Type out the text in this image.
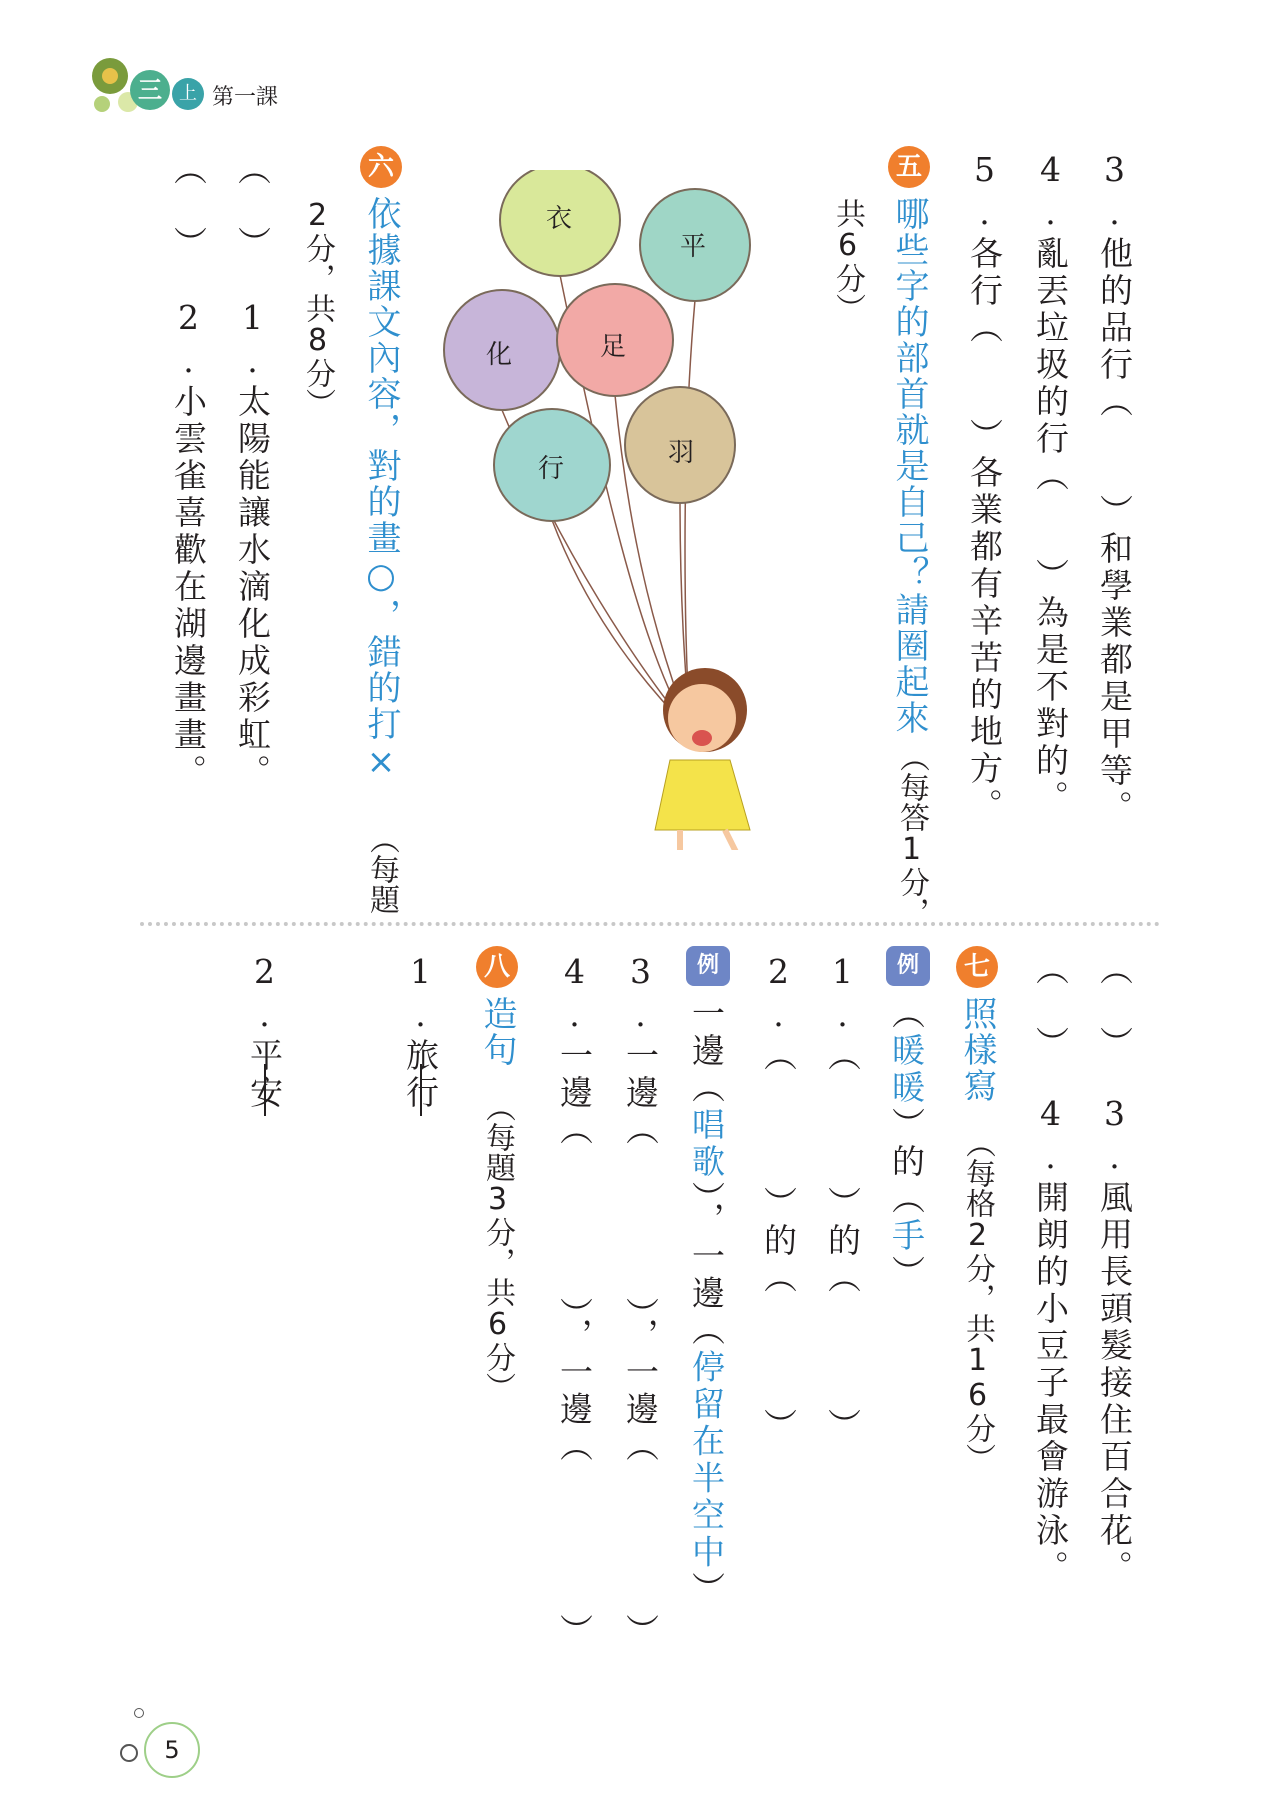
三 上 第一課
3.他的品行（
）和學業都是甲等。
4.亂丟垃圾的行（
）為是不對的。
5.各行（
）各業都有辛苦的地方。
五
哪些字的部首就是自己？請圈起來
（每答1分，
共6分）
衣
平
化	足
行
羽
六
依據課文內容，對的畫○，錯的打×
（每題
2分，共8分）
（　）
1.太陽能讓水滴化成彩虹。
（　）
2.小雲雀喜歡在湖邊畫畫。
（　）
3.風用長頭髮接住百合花。
（　）
4.開朗的小豆子最會游泳。
七
照樣寫
（每格2分，共16分）
例
（暖暖）的（手）
1.（　　　）的（　　　）
2.（　　　）的（　　　）
例
一邊（唱歌），一邊（停留在半空中）
3.一邊（　　　　），一邊（　　　　）
4.一邊（　　　　），一邊（　　　　）
八
造句
（每題3分，共6分）
1.旅行
2.平安
5
